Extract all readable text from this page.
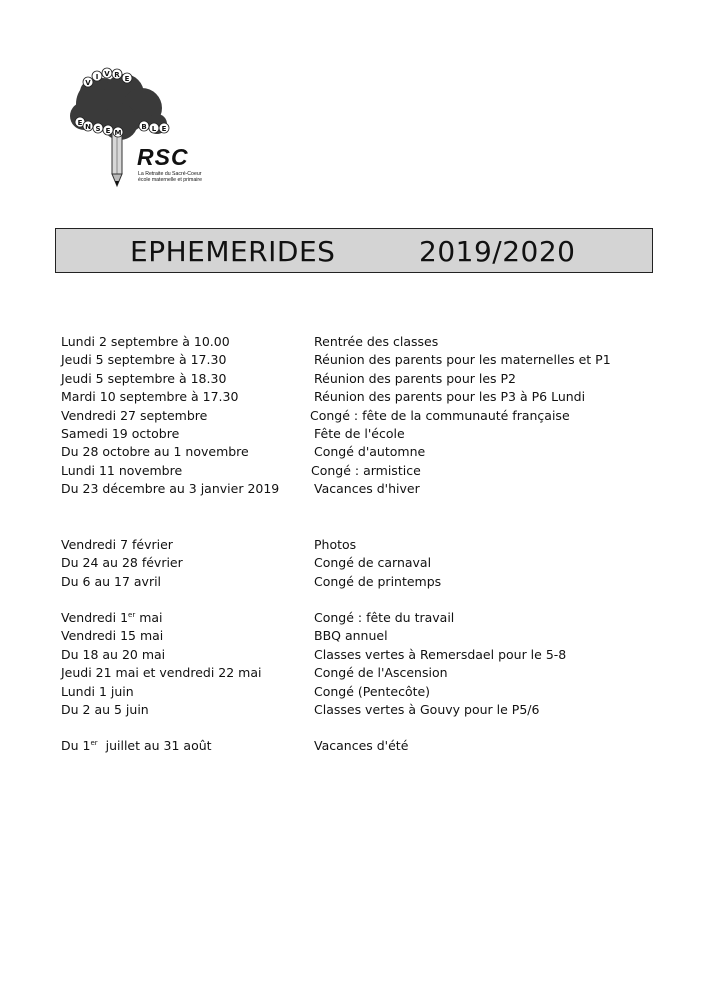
V
I V R E
E N S E M
B L E
RSC
La Retraite du Sacré-Coeur
école maternelle et primaire
EPHEMERIDES	2019/2020
Lundi 2 septembre à 10.00	Rentrée des classes
Jeudi 5 septembre à 17.30	Réunion des parents pour les maternelles et P1
Jeudi 5 septembre à 18.30	Réunion des parents pour les P2
Mardi 10 septembre à 17.30	Réunion des parents pour les P3 à P6 Lundi
Vendredi 27 septembre	Congé : fête de la communauté française
Samedi 19 octobre	Fête de l'école
Du 28 octobre au 1 novembre	Congé d'automne
Lundi 11 novembre	Congé : armistice
Du 23 décembre au 3 janvier 2019	Vacances d'hiver
Vendredi 7 février	Photos
Du 24 au 28 février	Congé de carnaval
Du 6 au 17 avril	Congé de printemps
Vendredi 1er mai	Congé : fête du travail
Vendredi 15 mai	BBQ annuel
Du 18 au 20 mai	Classes vertes à Remersdael pour le 5-8
Jeudi 21 mai et vendredi 22 mai	Congé de l'Ascension
Lundi 1 juin	Congé (Pentecôte)
Du 2 au 5 juin	Classes vertes à Gouvy pour le P5/6
Du 1er  juillet au 31 août	Vacances d'été
